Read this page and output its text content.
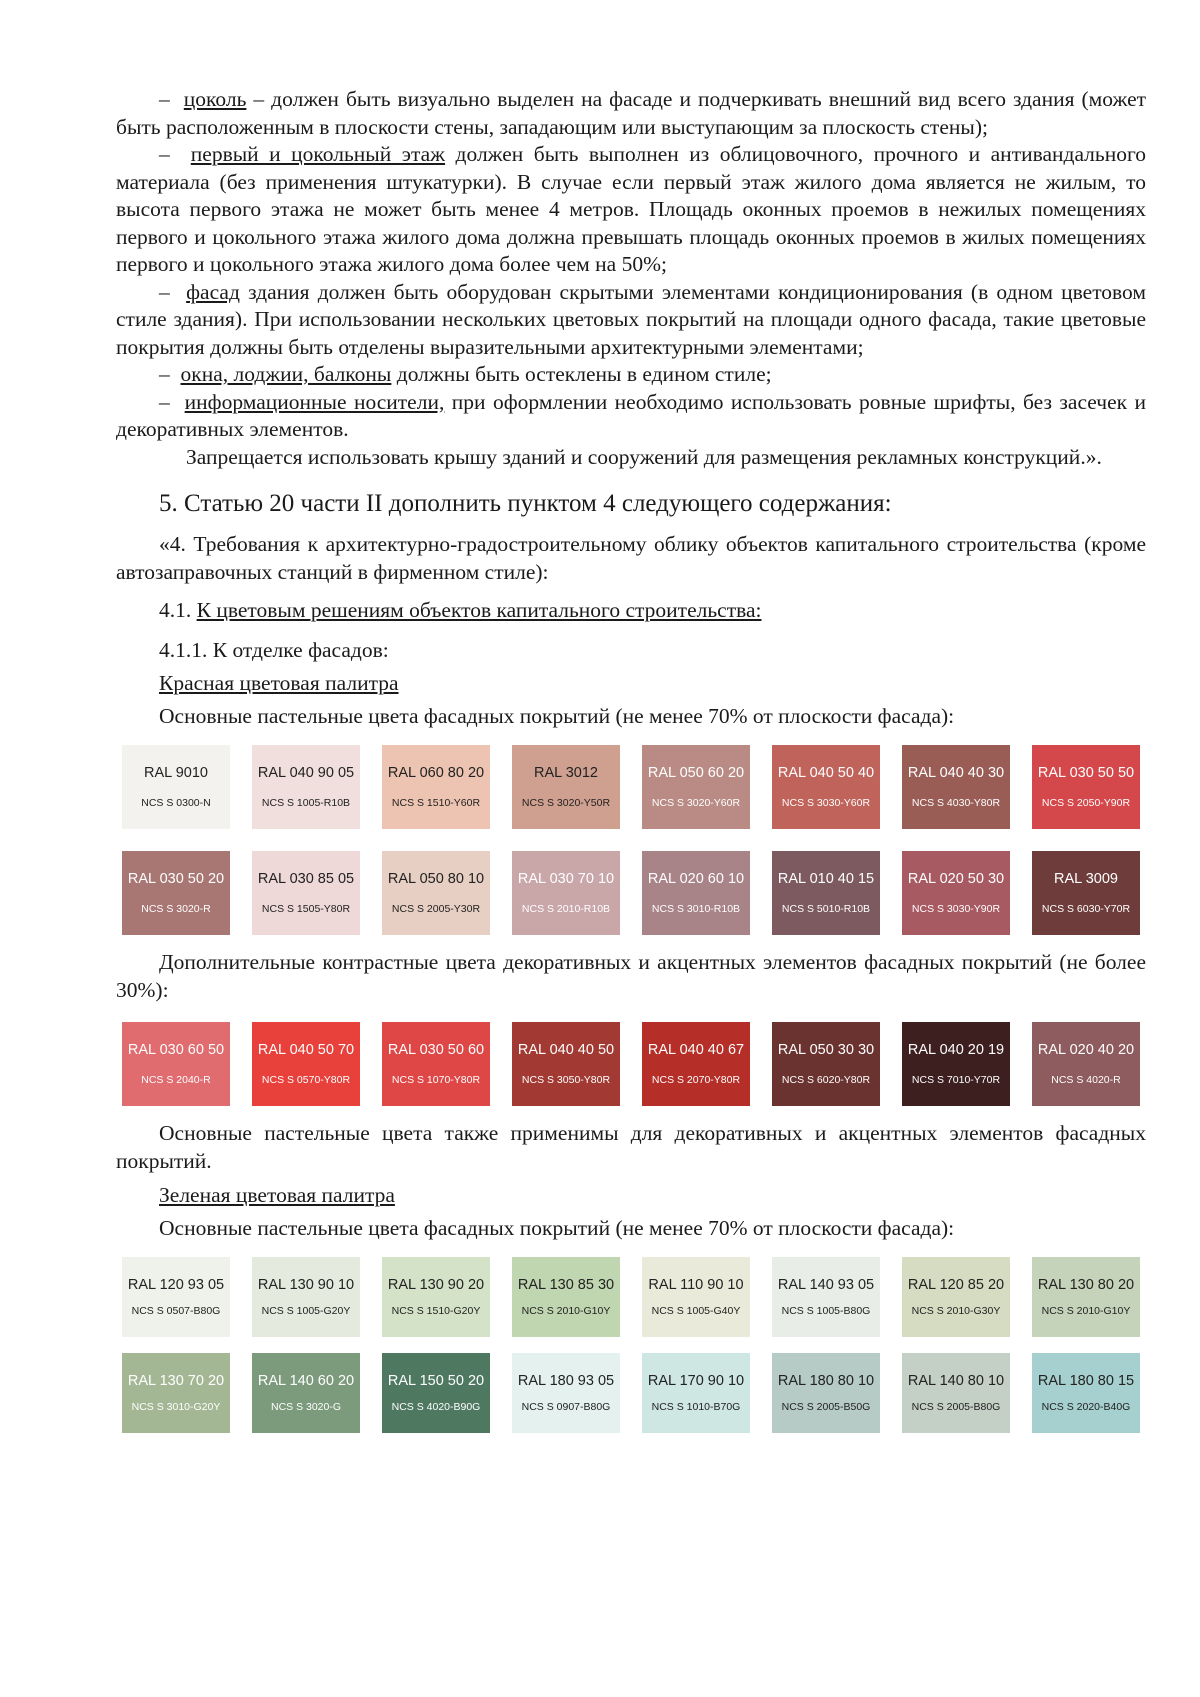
–  цоколь – должен быть визуально выделен на фасаде и подчеркивать внешний вид всего здания (может быть расположенным в плоскости стены, западающим или выступающим за плоскость стены);

–  первый и цокольный этаж должен быть выполнен из облицовочного, прочного и антивандального материала (без применения штукатурки). В случае если первый этаж жилого дома является не жилым, то высота первого этажа не может быть менее 4 метров. Площадь оконных проемов в нежилых помещениях первого и цокольного этажа жилого дома должна превышать площадь оконных проемов в жилых помещениях первого и цокольного этажа жилого дома более чем на 50%;

–  фасад здания должен быть оборудован скрытыми элементами кондиционирования (в одном цветовом стиле здания). При использовании нескольких цветовых покрытий на площади одного фасада, такие цветовые покрытия должны быть отделены выразительными архитектурными элементами;

–  окна, лоджии, балконы должны быть остеклены в едином стиле;

–  информационные носители, при оформлении необходимо использовать ровные шрифты, без засечек и декоративных элементов.

Запрещается использовать крышу зданий и сооружений для размещения рекламных конструкций.».

5. Статью 20 части II дополнить пунктом 4 следующего содержания:

«4. Требования к архитектурно-градостроительному облику объектов капитального строительства (кроме автозаправочных станций в фирменном стиле):

4.1. К цветовым решениям объектов капитального строительства:
4.1.1. К отделке фасадов:
Красная цветовая палитра
Основные пастельные цвета фасадных покрытий (не менее 70% от плоскости фасада):
RAL 9010
NCS S 0300-N
RAL 040 90 05
NCS S 1005-R10B
RAL 060 80 20
NCS S 1510-Y60R
RAL 3012
NCS S 3020-Y50R
RAL 050 60 20
NCS S 3020-Y60R
RAL 040 50 40
NCS S 3030-Y60R
RAL 040 40 30
NCS S 4030-Y80R
RAL 030 50 50
NCS S 2050-Y90R
RAL 030 50 20
NCS S 3020-R
RAL 030 85 05
NCS S 1505-Y80R
RAL 050 80 10
NCS S 2005-Y30R
RAL 030 70 10
NCS S 2010-R10B
RAL 020 60 10
NCS S 3010-R10B
RAL 010 40 15
NCS S 5010-R10B
RAL 020 50 30
NCS S 3030-Y90R
RAL 3009
NCS S 6030-Y70R

Дополнительные контрастные цвета декоративных и акцентных элементов фасадных покрытий (не более 30%):

RAL 030 60 50
NCS S 2040-R
RAL 040 50 70
NCS S 0570-Y80R
RAL 030 50 60
NCS S 1070-Y80R
RAL 040 40 50
NCS S 3050-Y80R
RAL 040 40 67
NCS S 2070-Y80R
RAL 050 30 30
NCS S 6020-Y80R
RAL 040 20 19
NCS S 7010-Y70R
RAL 020 40 20
NCS S 4020-R

Основные пастельные цвета также применимы для декоративных и акцентных элементов фасадных покрытий.

Зеленая цветовая палитра
Основные пастельные цвета фасадных покрытий (не менее 70% от плоскости фасада):
RAL 120 93 05
NCS S 0507-B80G
RAL 130 90 10
NCS S 1005-G20Y
RAL 130 90 20
NCS S 1510-G20Y
RAL 130 85 30
NCS S 2010-G10Y
RAL 110 90 10
NCS S 1005-G40Y
RAL 140 93 05
NCS S 1005-B80G
RAL 120 85 20
NCS S 2010-G30Y
RAL 130 80 20
NCS S 2010-G10Y
RAL 130 70 20
NCS S 3010-G20Y
RAL 140 60 20
NCS S 3020-G
RAL 150 50 20
NCS S 4020-B90G
RAL 180 93 05
NCS S 0907-B80G
RAL 170 90 10
NCS S 1010-B70G
RAL 180 80 10
NCS S 2005-B50G
RAL 140 80 10
NCS S 2005-B80G
RAL 180 80 15
NCS S 2020-B40G
